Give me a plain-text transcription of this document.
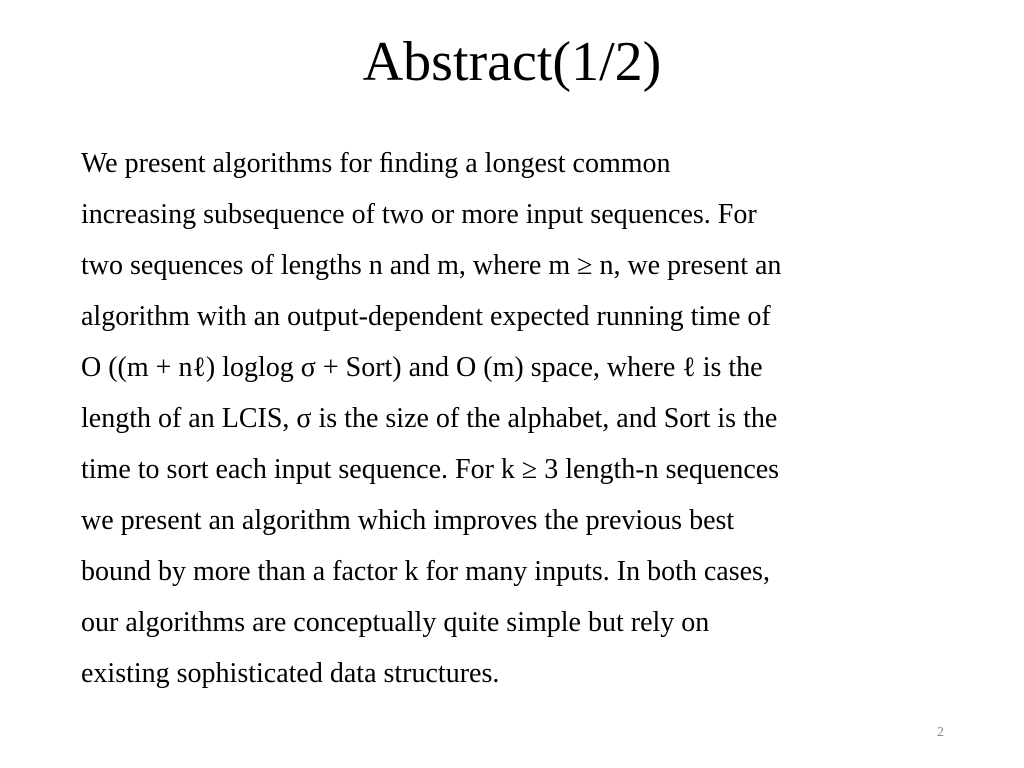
Abstract(1/2)
We present algorithms for ﬁnding a longest common
increasing subsequence of two or more input sequences. For
two sequences of lengths n and m, where m ≥ n, we present an
algorithm with an output-dependent expected running time of
O ((m + nℓ) loglog σ + Sort) and O (m) space, where ℓ is the
length of an LCIS, σ is the size of the alphabet, and Sort is the
time to sort each input sequence. For k ≥ 3 length-n sequences
we present an algorithm which improves the previous best
bound by more than a factor k for many inputs. In both cases,
our algorithms are conceptually quite simple but rely on
existing sophisticated data structures.
2
